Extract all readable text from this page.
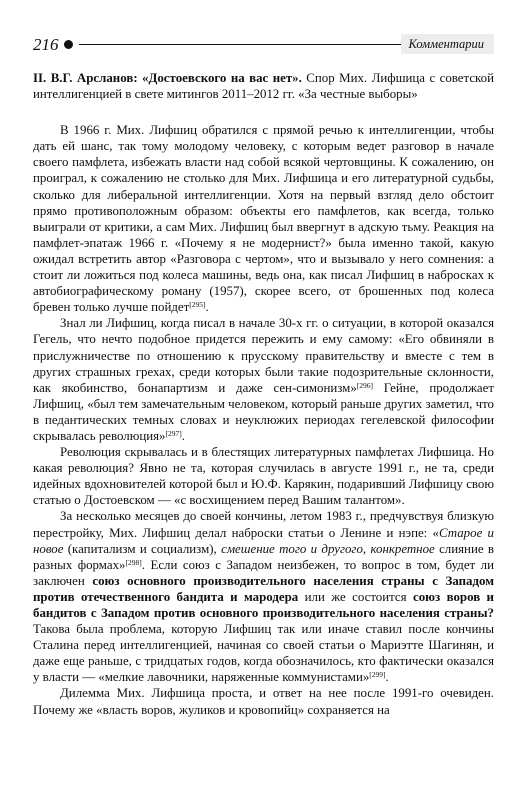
216	Комментарии

II. В.Г. Арсланов: «Достоевского на вас нет». Спор Мих. Лифшица с советской интеллигенцией в свете митингов 2011–2012 гг. «За честные выборы»

В 1966 г. Мих. Лифшиц обратился с прямой речью к интеллигенции, чтобы дать ей шанс, так тому молодому человеку, с которым ведет разговор в начале своего памфлета, избежать власти над собой всякой чертовщины. К сожалению, он проиграл, к сожалению не столько для Мих. Лифшица и его литературной судьбы, сколько для либеральной интеллигенции. Хотя на первый взгляд дело обстоит прямо противоположным образом: объекты его памфлетов, как всегда, только выиграли от критики, а сам Мих. Лифшиц был ввергнут в адскую тьму. Реакция на памфлет-эпатаж 1966 г. «Почему я не модернист?» была именно такой, какую ожидал встретить автор «Разговора с чертом», что и вызывало у него сомнения: а стоит ли ложиться под колеса машины, ведь она, как писал Лифшиц в набросках к автобиографическому роману (1957), скорее всего, от брошенных под колеса бревен только лучше пойдет[295].

Знал ли Лифшиц, когда писал в начале 30-х гг. о ситуации, в которой оказался Гегель, что нечто подобное придется пережить и ему самому: «Его обвиняли в прислужничестве по отношению к прусскому правительству и вместе с тем в других страшных грехах, среди которых были такие подозрительные склонности, как якобинство, бонапартизм и даже сен-симонизм»[296] Гейне, продолжает Лифшиц, «был тем замечательным человеком, который раньше других заметил, что в педантических темных словах и неуклюжих периодах гегелевской философии скрывалась революция»[297].

Революция скрывалась и в блестящих литературных памфлетах Лифшица. Но какая революция? Явно не та, которая случилась в августе 1991 г., не та, среди идейных вдохновителей которой был и Ю.Ф. Карякин, подаривший Лифшицу свою статью о Достоевском — «с восхищением перед Вашим талантом».

За несколько месяцев до своей кончины, летом 1983 г., предчувствуя близкую перестройку, Мих. Лифшиц делал наброски статьи о Ленине и нэпе: «Старое и новое (капитализм и социализм), смешение того и другого, конкретное слияние в разных формах»[298]. Если союз с Западом неизбежен, то вопрос в том, будет ли заключен союз основного производительного населения страны с Западом против отечественного бандита и мародера или же состоится союз воров и бандитов с Западом против основного производительного населения страны? Такова была проблема, которую Лифшиц так или иначе ставил после кончины Сталина перед интеллигенцией, начиная со своей статьи о Мариэтте Шагинян, и даже еще раньше, с тридцатых годов, когда обозначилось, кто фактически оказался у власти — «мелкие лавочники, наряженные коммунистами»[299].

Дилемма Мих. Лифшица проста, и ответ на нее после 1991-го очевиден. Почему же «власть воров, жуликов и кровопийц» сохраняется на
